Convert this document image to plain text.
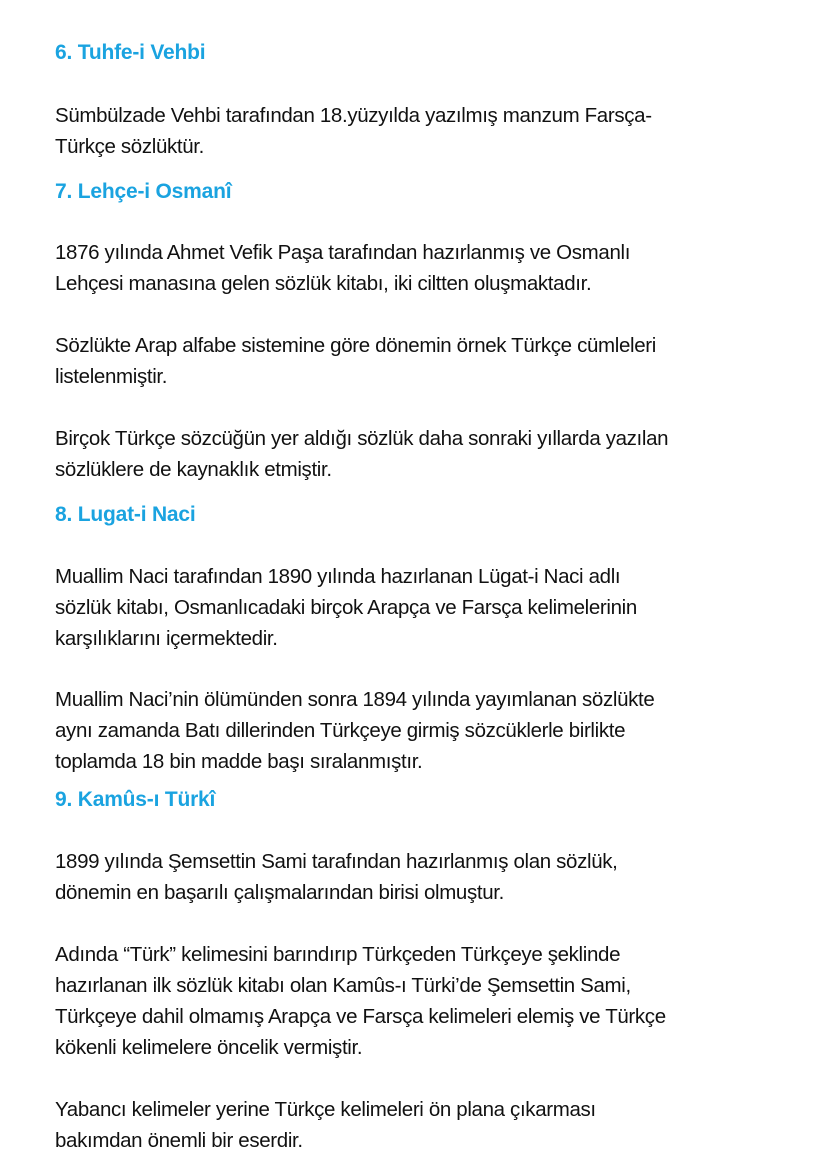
6. Tuhfe-i Vehbi
Sümbülzade Vehbi tarafından 18.yüzyılda yazılmış manzum Farsça-
Türkçe sözlüktür.
7. Lehçe-i Osmanî
1876 yılında Ahmet Vefik Paşa tarafından hazırlanmış ve Osmanlı
Lehçesi manasına gelen sözlük kitabı, iki ciltten oluşmaktadır.
Sözlükte Arap alfabe sistemine göre dönemin örnek Türkçe cümleleri
listelenmiştir.
Birçok Türkçe sözcüğün yer aldığı sözlük daha sonraki yıllarda yazılan
sözlüklere de kaynaklık etmiştir.
8. Lugat-i Naci
Muallim Naci tarafından 1890 yılında hazırlanan Lügat-i Naci adlı
sözlük kitabı, Osmanlıcadaki birçok Arapça ve Farsça kelimelerinin
karşılıklarını içermektedir.
Muallim Naci’nin ölümünden sonra 1894 yılında yayımlanan sözlükte
aynı zamanda Batı dillerinden Türkçeye girmiş sözcüklerle birlikte
toplamda 18 bin madde başı sıralanmıştır.
9. Kamûs-ı Türkî
1899 yılında Şemsettin Sami tarafından hazırlanmış olan sözlük,
dönemin en başarılı çalışmalarından birisi olmuştur.
Adında “Türk” kelimesini barındırıp Türkçeden Türkçeye şeklinde
hazırlanan ilk sözlük kitabı olan Kamûs-ı Türki’de Şemsettin Sami,
Türkçeye dahil olmamış Arapça ve Farsça kelimeleri elemiş ve Türkçe
kökenli kelimelere öncelik vermiştir.
Yabancı kelimeler yerine Türkçe kelimeleri ön plana çıkarması
bakımdan önemli bir eserdir.
